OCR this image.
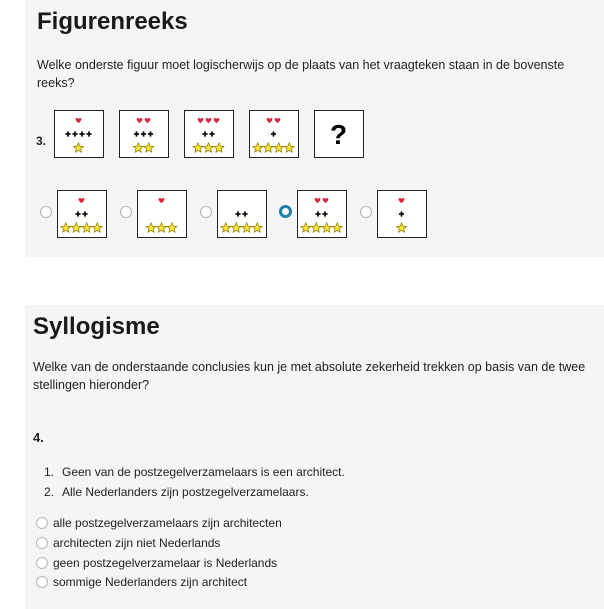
Figurenreeks
Welke onderste figuur moet logischerwijs op de plaats van het vraagteken staan in de bovenste reeks?
3.	?
Syllogisme
Welke van de onderstaande conclusies kun je met absolute zekerheid trekken op basis van de twee stellingen hieronder?
4.
1. Geen van de postzegelverzamelaars is een architect.
2. Alle Nederlanders zijn postzegelverzamelaars.
alle postzegelverzamelaars zijn architecten
architecten zijn niet Nederlands
geen postzegelverzamelaar is Nederlands
sommige Nederlanders zijn architect
